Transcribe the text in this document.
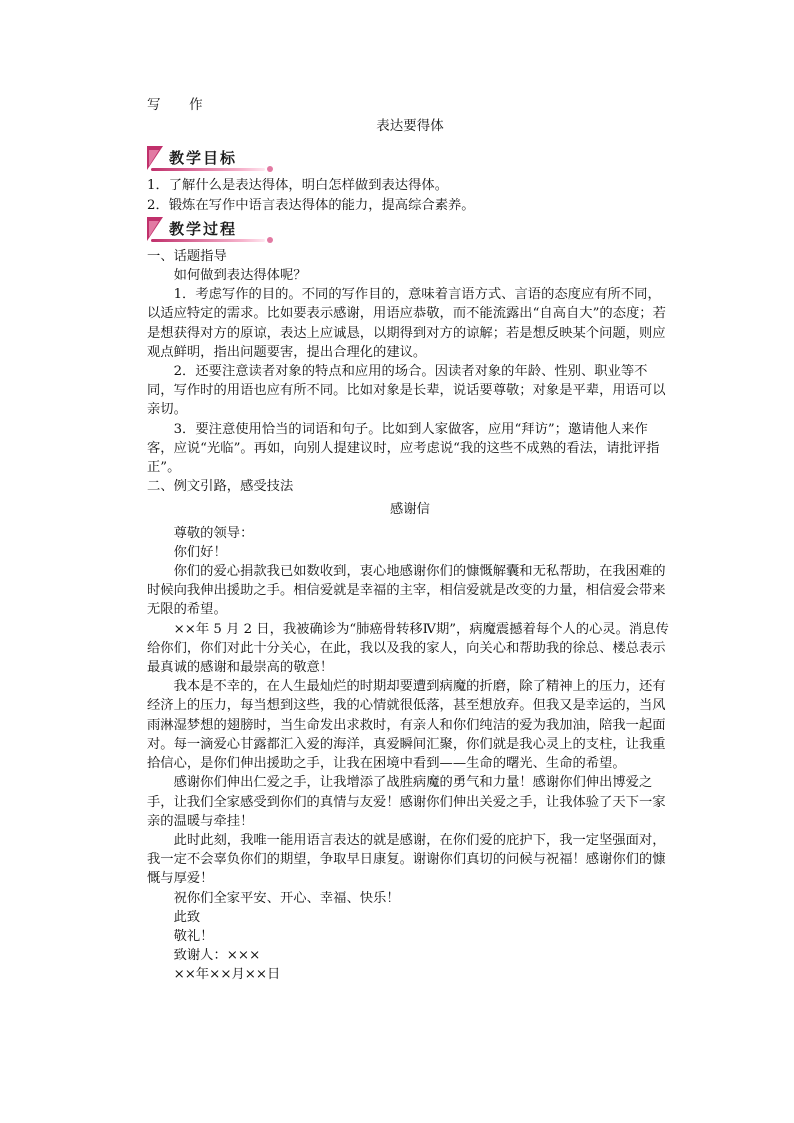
写 作

表达要得体

教学目标

1．了解什么是表达得体，明白怎样做到表达得体。

2．锻炼在写作中语言表达得体的能力，提高综合素养。

教学过程

一、话题指导

如何做到表达得体呢？

1．考虑写作的目的。不同的写作目的，意味着言语方式、言语的态度应有所不同，以适应特定的需求。比如要表示感谢，用语应恭敬，而不能流露出“自高自大”的态度；若是想获得对方的原谅，表达上应诚恳，以期得到对方的谅解；若是想反映某个问题，则应观点鲜明，指出问题要害，提出合理化的建议。

2．还要注意读者对象的特点和应用的场合。因读者对象的年龄、性别、职业等不同，写作时的用语也应有所不同。比如对象是长辈，说话要尊敬；对象是平辈，用语可以亲切。

3．要注意使用恰当的词语和句子。比如到人家做客，应用“拜访”；邀请他人来作客，应说“光临”。再如，向别人提建议时，应考虑说“我的这些不成熟的看法，请批评指正”。

二、例文引路，感受技法

感谢信

尊敬的领导：

你们好！

你们的爱心捐款我已如数收到，衷心地感谢你们的慷慨解囊和无私帮助，在我困难的时候向我伸出援助之手。相信爱就是幸福的主宰，相信爱就是改变的力量，相信爱会带来无限的希望。

××年 5 月 2 日，我被确诊为“肺癌骨转移Ⅳ期”，病魔震撼着每个人的心灵。消息传给你们，你们对此十分关心，在此，我以及我的家人，向关心和帮助我的徐总、楼总表示最真诚的感谢和最崇高的敬意！

我本是不幸的，在人生最灿烂的时期却要遭到病魔的折磨，除了精神上的压力，还有经济上的压力，每当想到这些，我的心情就很低落，甚至想放弃。但我又是幸运的，当风雨淋湿梦想的翅膀时，当生命发出求救时，有亲人和你们纯洁的爱为我加油，陪我一起面对。每一滴爱心甘露都汇入爱的海洋，真爱瞬间汇聚，你们就是我心灵上的支柱，让我重拾信心，是你们伸出援助之手，让我在困境中看到——生命的曙光、生命的希望。

感谢你们伸出仁爱之手，让我增添了战胜病魔的勇气和力量！感谢你们伸出博爱之手，让我们全家感受到你们的真情与友爱！感谢你们伸出关爱之手，让我体验了天下一家亲的温暖与牵挂！

此时此刻，我唯一能用语言表达的就是感谢，在你们爱的庇护下，我一定坚强面对，我一定不会辜负你们的期望，争取早日康复。谢谢你们真切的问候与祝福！感谢你们的慷慨与厚爱！

祝你们全家平安、开心、幸福、快乐！

此致

敬礼！

致谢人：×××

××年××月××日
